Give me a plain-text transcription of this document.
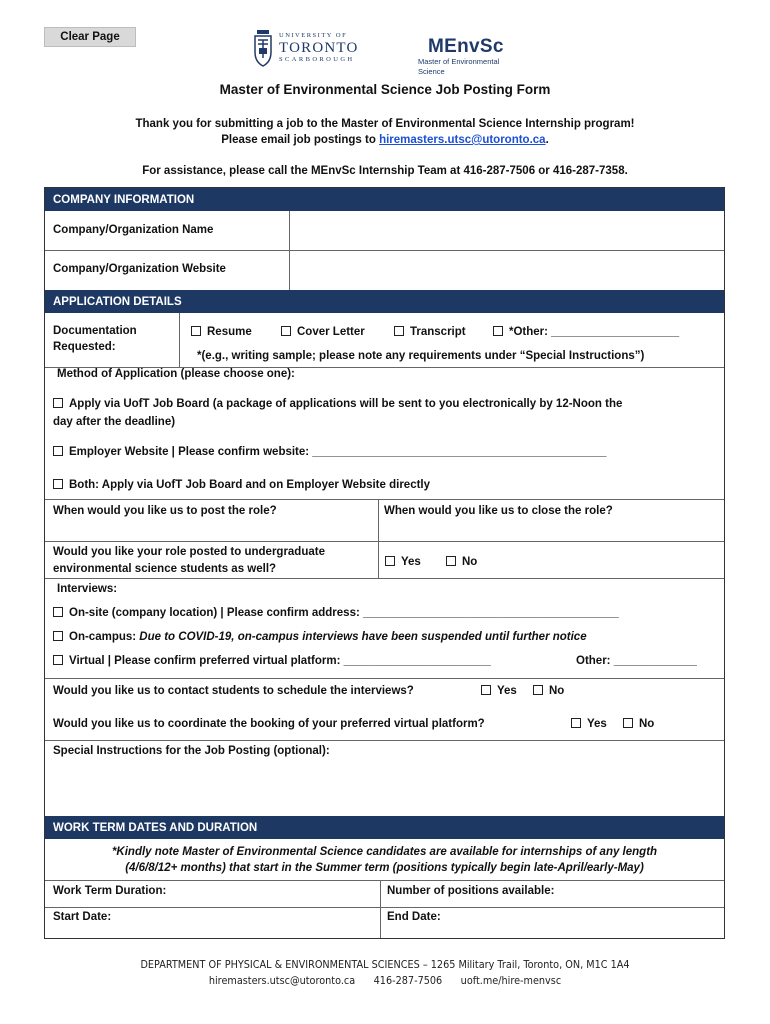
Clear Page	UNIVERSITY OF
TORONTO
SCARBOROUGH
MEnvSc
Master of Environmental Science
Master of Environmental Science Job Posting Form
Thank you for submitting a job to the Master of Environmental Science Internship program!
Please email job postings to hiremasters.utsc@utoronto.ca.
For assistance, please call the MEnvSc Internship Team at 416-287-7506 or 416-287-7358.
COMPANY INFORMATION
Company/Organization Name
Company/Organization Website
APPLICATION DETAILS
Documentation
Requested:
Resume	Cover Letter	Transcript	*Other: ____________________
*(e.g., writing sample; please note any requirements under “Special Instructions”)
Method of Application (please choose one):
Apply via UofT Job Board (a package of applications will be sent to you electronically by 12-Noon the
day after the deadline)
Employer Website | Please confirm website: ______________________________________________
Both: Apply via UofT Job Board and on Employer Website directly
When would you like us to post the role?	When would you like us to close the role?
Would you like your role posted to undergraduate
environmental science students as well?
Yes	No
Interviews:
On-site (company location) | Please confirm address: ________________________________________
On-campus: Due to COVID-19, on-campus interviews have been suspended until further notice
Virtual | Please confirm preferred virtual platform: _______________________	Other: _____________
Would you like us to contact students to schedule the interviews?	Yes	No
Would you like us to coordinate the booking of your preferred virtual platform?	Yes	No
Special Instructions for the Job Posting (optional):
WORK TERM DATES AND DURATION
*Kindly note Master of Environmental Science candidates are available for internships of any length
(4/6/8/12+ months) that start in the Summer term (positions typically begin late-April/early-May)
Work Term Duration:	Number of positions available:
Start Date:	End Date:
DEPARTMENT OF PHYSICAL & ENVIRONMENTAL SCIENCES – 1265 Military Trail, Toronto, ON, M1C 1A4
hiremasters.utsc@utoronto.ca      416-287-7506      uoft.me/hire-menvsc
